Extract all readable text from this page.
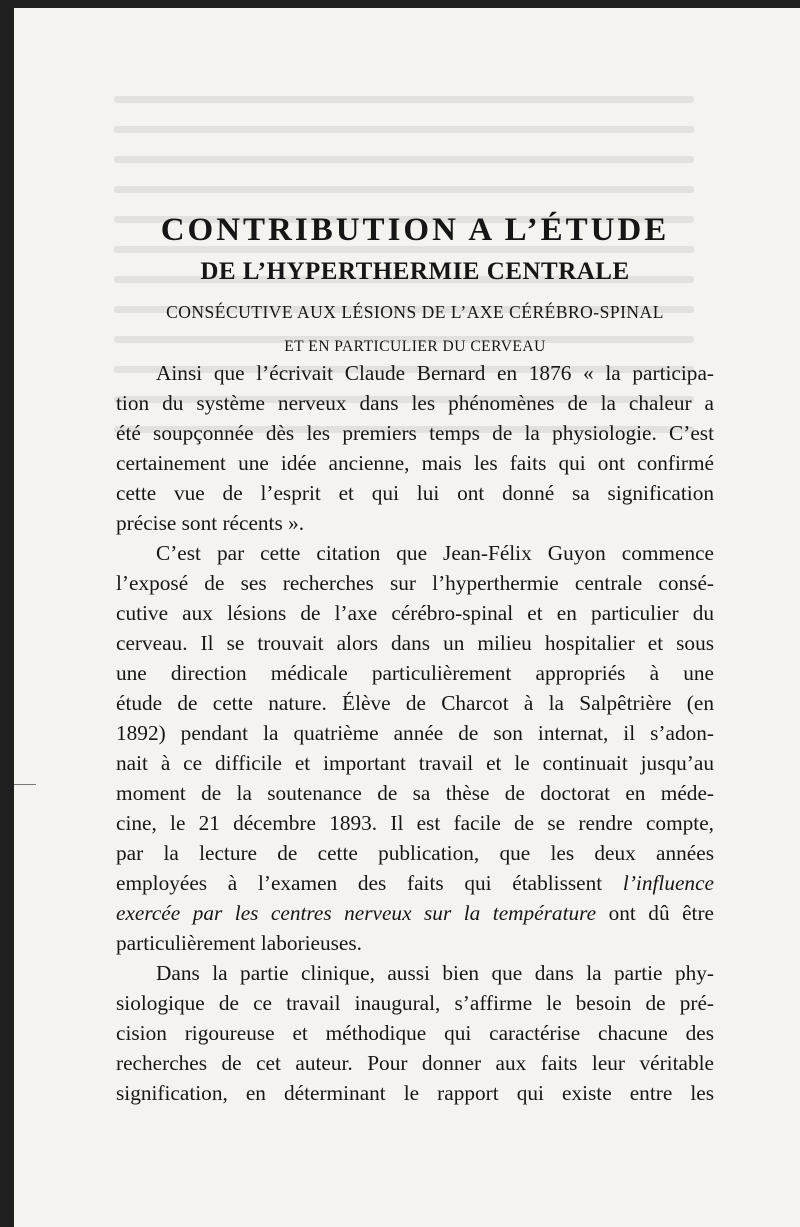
CONTRIBUTION A L’ÉTUDE
DE L’HYPERTHERMIE CENTRALE
CONSÉCUTIVE AUX LÉSIONS DE L’AXE CÉRÉBRO-SPINAL
ET EN PARTICULIER DU CERVEAU

Ainsi que l’écrivait Claude Bernard en 1876 « la participa-
tion du système nerveux dans les phénomènes de la chaleur a
été soupçonnée dès les premiers temps de la physiologie. C’est
certainement une idée ancienne, mais les faits qui ont confirmé
cette vue de l’esprit et qui lui ont donné sa signification
précise sont récents ».

C’est par cette citation que Jean-Félix Guyon commence
l’exposé de ses recherches sur l’hyperthermie centrale consé-
cutive aux lésions de l’axe cérébro-spinal et en particulier du
cerveau. Il se trouvait alors dans un milieu hospitalier et sous
une direction médicale particulièrement appropriés à une
étude de cette nature. Élève de Charcot à la Salpêtrière (en
1892) pendant la quatrième année de son internat, il s’adon-
nait à ce difficile et important travail et le continuait jusqu’au
moment de la soutenance de sa thèse de doctorat en méde-
cine, le 21 décembre 1893. Il est facile de se rendre compte,
par la lecture de cette publication, que les deux années
employées à l’examen des faits qui établissent l’influence
exercée par les centres nerveux sur la température ont dû être
particulièrement laborieuses.

Dans la partie clinique, aussi bien que dans la partie phy-
siologique de ce travail inaugural, s’affirme le besoin de pré-
cision rigoureuse et méthodique qui caractérise chacune des
recherches de cet auteur. Pour donner aux faits leur véritable
signification, en déterminant le rapport qui existe entre les
